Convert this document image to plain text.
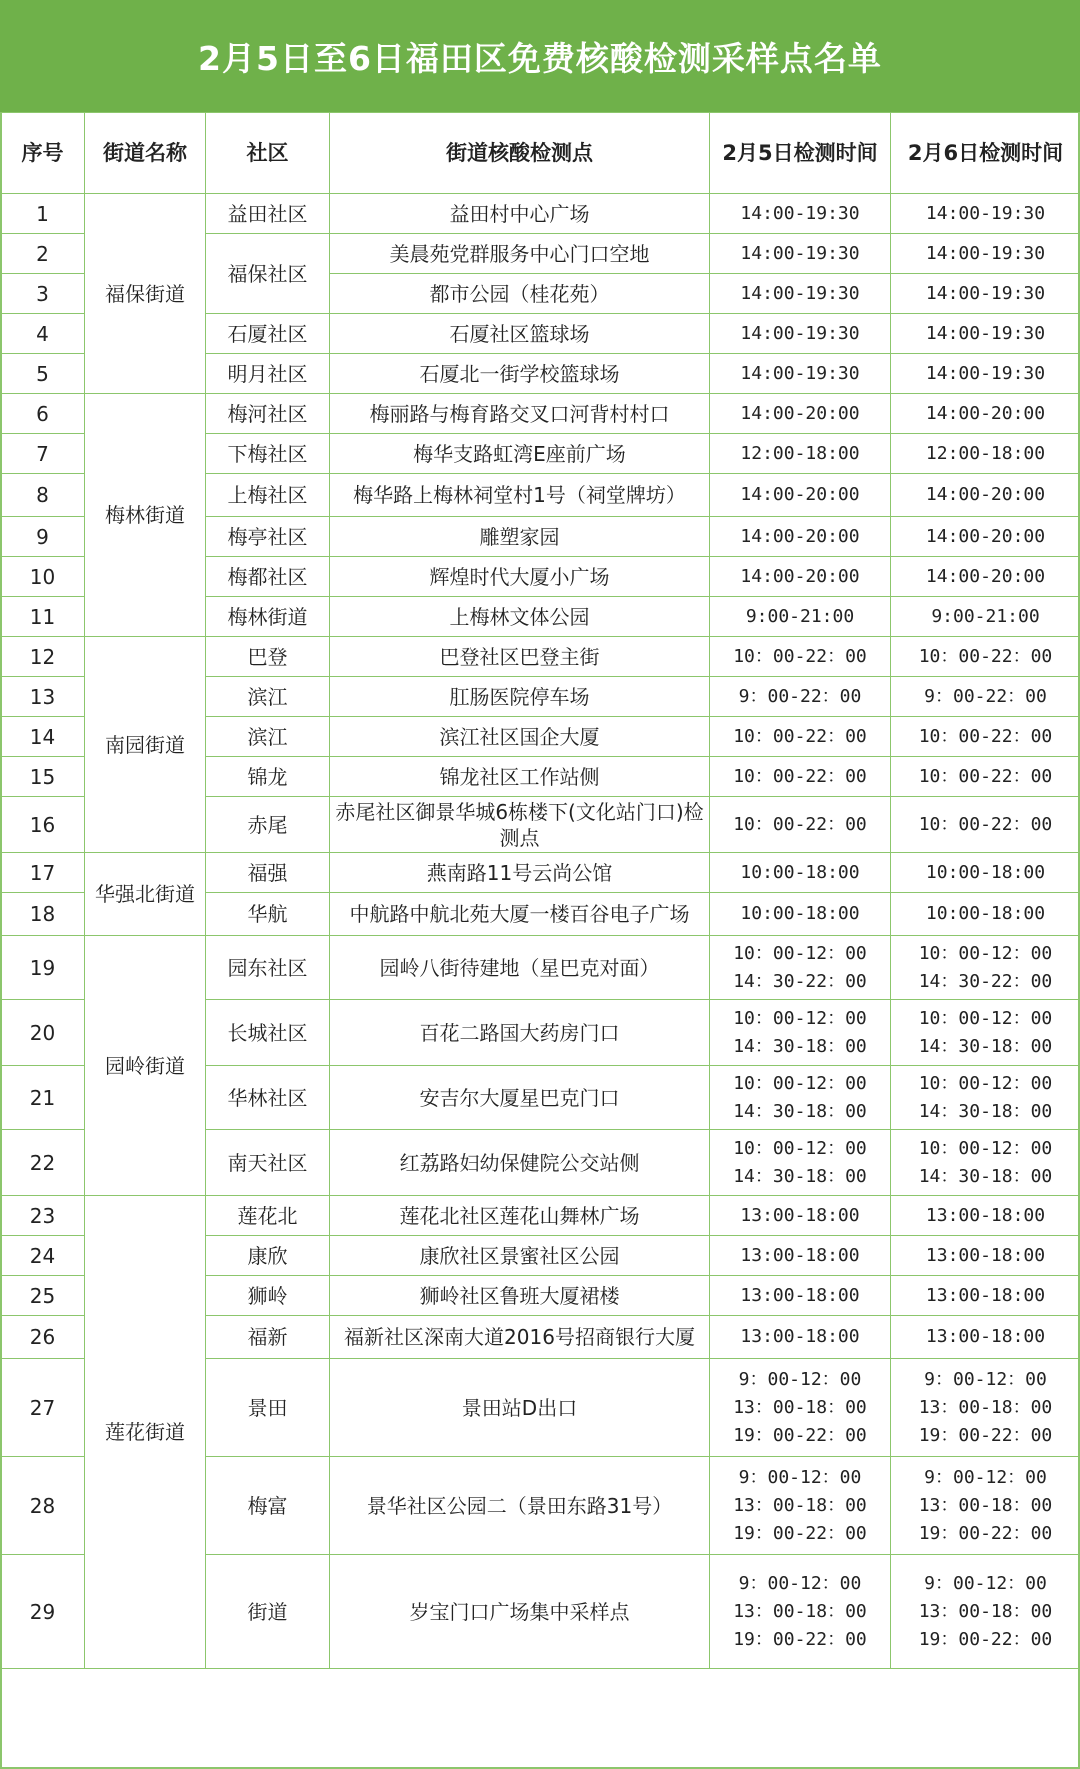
2月5日至6日福田区免费核酸检测采样点名单
序号	街道名称	社区	街道核酸检测点	2月5日检测时间	2月6日检测时间
1	福保街道	益田社区	益田村中心广场	14:00-19:30	14:00-19:30
2		福保社区	美晨苑党群服务中心门口空地	14:00-19:30	14:00-19:30
3			都市公园（桂花苑）	14:00-19:30	14:00-19:30
4		石厦社区	石厦社区篮球场	14:00-19:30	14:00-19:30
5		明月社区	石厦北一街学校篮球场	14:00-19:30	14:00-19:30
6	梅林街道	梅河社区	梅丽路与梅育路交叉口河背村村口	14:00-20:00	14:00-20:00
7		下梅社区	梅华支路虹湾E座前广场	12:00-18:00	12:00-18:00
8		上梅社区	梅华路上梅林祠堂村1号（祠堂牌坊）	14:00-20:00	14:00-20:00
9		梅亭社区	雕塑家园	14:00-20:00	14:00-20:00
10		梅都社区	辉煌时代大厦小广场	14:00-20:00	14:00-20:00
11		梅林街道	上梅林文体公园	9:00-21:00	9:00-21:00
12	南园街道	巴登	巴登社区巴登主街	10：00-22：00	10：00-22：00
13		滨江	肛肠医院停车场	9：00-22：00	9：00-22：00
14		滨江	滨江社区国企大厦	10：00-22：00	10：00-22：00
15		锦龙	锦龙社区工作站侧	10：00-22：00	10：00-22：00
16		赤尾	赤尾社区御景华城6栋楼下(文化站门口)检测点	10：00-22：00	10：00-22：00
17	华强北街道	福强	燕南路11号云尚公馆	10:00-18:00	10:00-18:00
18		华航	中航路中航北苑大厦一楼百谷电子广场	10:00-18:00	10:00-18:00
19	园岭街道	园东社区	园岭八街待建地（星巴克对面）	10：00-12：00
14：30-22：00	10：00-12：00
14：30-22：00
20		长城社区	百花二路国大药房门口	10：00-12：00
14：30-18：00	10：00-12：00
14：30-18：00
21		华林社区	安吉尔大厦星巴克门口	10：00-12：00
14：30-18：00	10：00-12：00
14：30-18：00
22		南天社区	红荔路妇幼保健院公交站侧	10：00-12：00
14：30-18：00	10：00-12：00
14：30-18：00
23	莲花街道	莲花北	莲花北社区莲花山舞林广场	13:00-18:00	13:00-18:00
24		康欣	康欣社区景蜜社区公园	13:00-18:00	13:00-18:00
25		狮岭	狮岭社区鲁班大厦裙楼	13:00-18:00	13:00-18:00
26		福新	福新社区深南大道2016号招商银行大厦	13:00-18:00	13:00-18:00
27		景田	景田站D出口	9：00-12：00
13：00-18：00
19：00-22：00	9：00-12：00
13：00-18：00
19：00-22：00
28		梅富	景华社区公园二（景田东路31号）	9：00-12：00
13：00-18：00
19：00-22：00	9：00-12：00
13：00-18：00
19：00-22：00
29		街道	岁宝门口广场集中采样点	9：00-12：00
13：00-18：00
19：00-22：00	9：00-12：00
13：00-18：00
19：00-22：00
